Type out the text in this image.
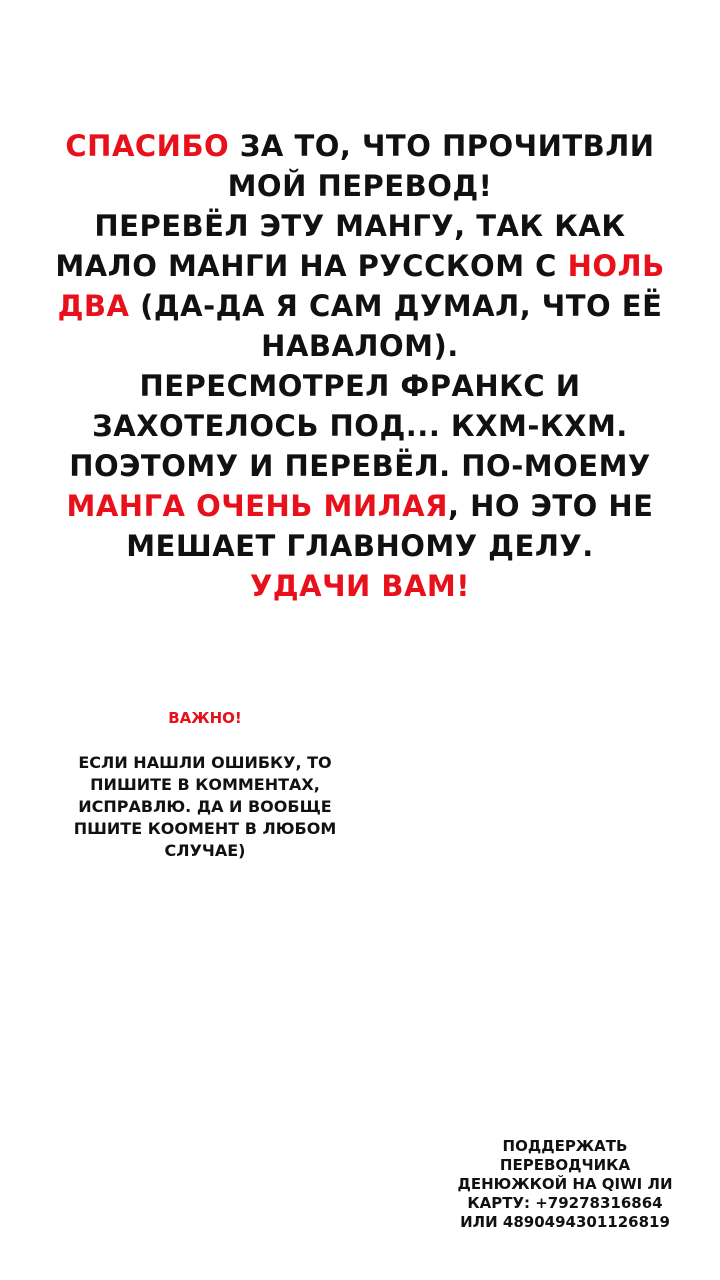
СПАСИБО ЗА ТО, ЧТО ПРОЧИТВЛИ
МОЙ ПЕРЕВОД!
ПЕРЕВЁЛ ЭТУ МАНГУ, ТАК КАК
МАЛО МАНГИ НА РУССКОМ С НОЛЬ
ДВА (ДА-ДА Я САМ ДУМАЛ, ЧТО ЕЁ
НАВАЛОМ).
ПЕРЕСМОТРЕЛ ФРАНКС И
ЗАХОТЕЛОСЬ ПОД... КХМ-КХМ.
ПОЭТОМУ И ПЕРЕВЁЛ. ПО-МОЕМУ
МАНГА ОЧЕНЬ МИЛАЯ, НО ЭТО НЕ
МЕШАЕТ ГЛАВНОМУ ДЕЛУ.
УДАЧИ ВАМ!
ВАЖНО!
ЕСЛИ НАШЛИ ОШИБКУ, ТО
ПИШИТЕ В КОММЕНТАХ,
ИСПРАВЛЮ. ДА И ВООБЩЕ
ПШИТЕ КООМЕНТ В ЛЮБОМ
СЛУЧАЕ)
ПОДДЕРЖАТЬ
ПЕРЕВОДЧИКА
ДЕНЮЖКОЙ НА QIWI ЛИ
КАРТУ: +79278316864
ИЛИ 4890494301126819
